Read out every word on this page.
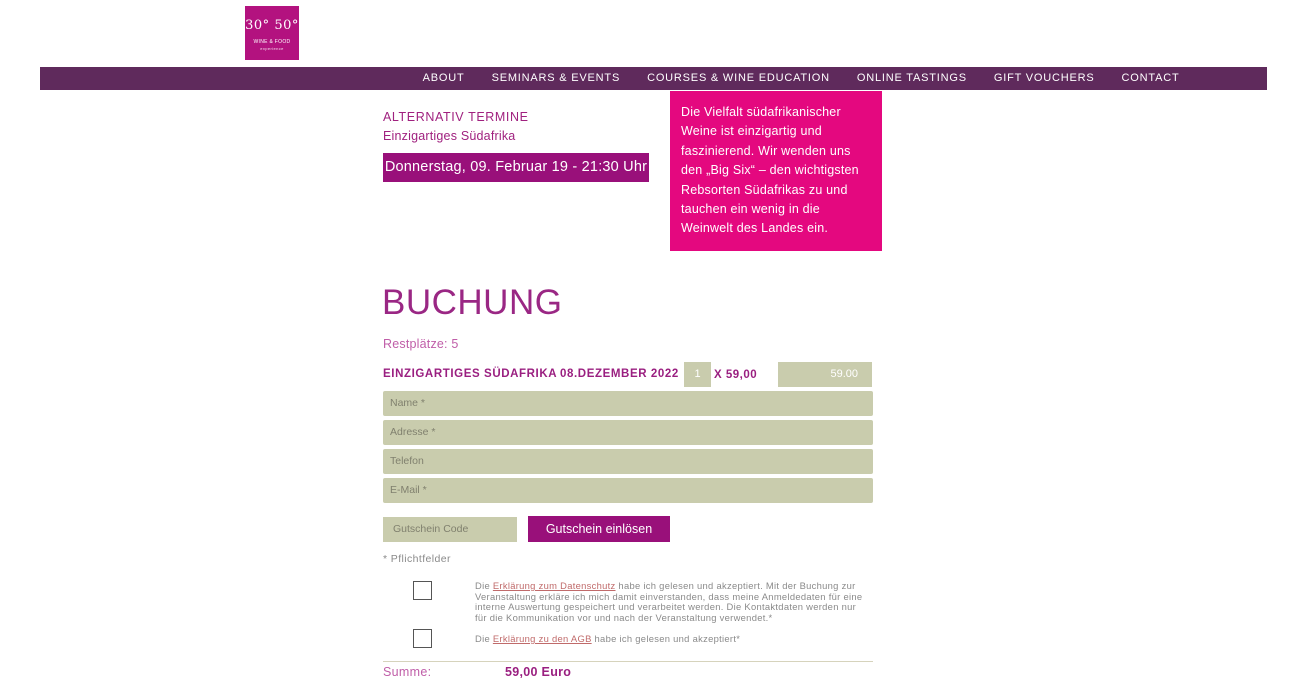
30° 50°
WINE & FOOD
experience
ABOUT	SEMINARS & EVENTS	COURSES & WINE EDUCATION	ONLINE TASTINGS	GIFT VOUCHERS	CONTACT
ALTERNATIV TERMINE
Einzigartiges Südafrika
Donnerstag, 09. Februar 19 - 21:30 Uhr
Die Vielfalt südafrikanischer Weine ist einzigartig und faszinierend. Wir wenden uns den „Big Six“ – den wichtigsten Rebsorten Südafrikas zu und tauchen ein wenig in die Weinwelt des Landes ein.
BUCHUNG
Restplätze: 5
EINZIGARTIGES SÜDAFRIKA 08.DEZEMBER 2022	1	X 59,00	59.00
Name *
Adresse *
Telefon
E-Mail *
Gutschein Code	Gutschein einlösen
* Pflichtfelder
Die Erklärung zum Datenschutz habe ich gelesen und akzeptiert. Mit der Buchung zur Veranstaltung erkläre ich mich damit einverstanden, dass meine Anmeldedaten für eine interne Auswertung gespeichert und verarbeitet werden. Die Kontaktdaten werden nur für die Kommunikation vor und nach der Veranstaltung verwendet.*
Die Erklärung zu den AGB habe ich gelesen und akzeptiert*
Summe:	59,00 Euro
